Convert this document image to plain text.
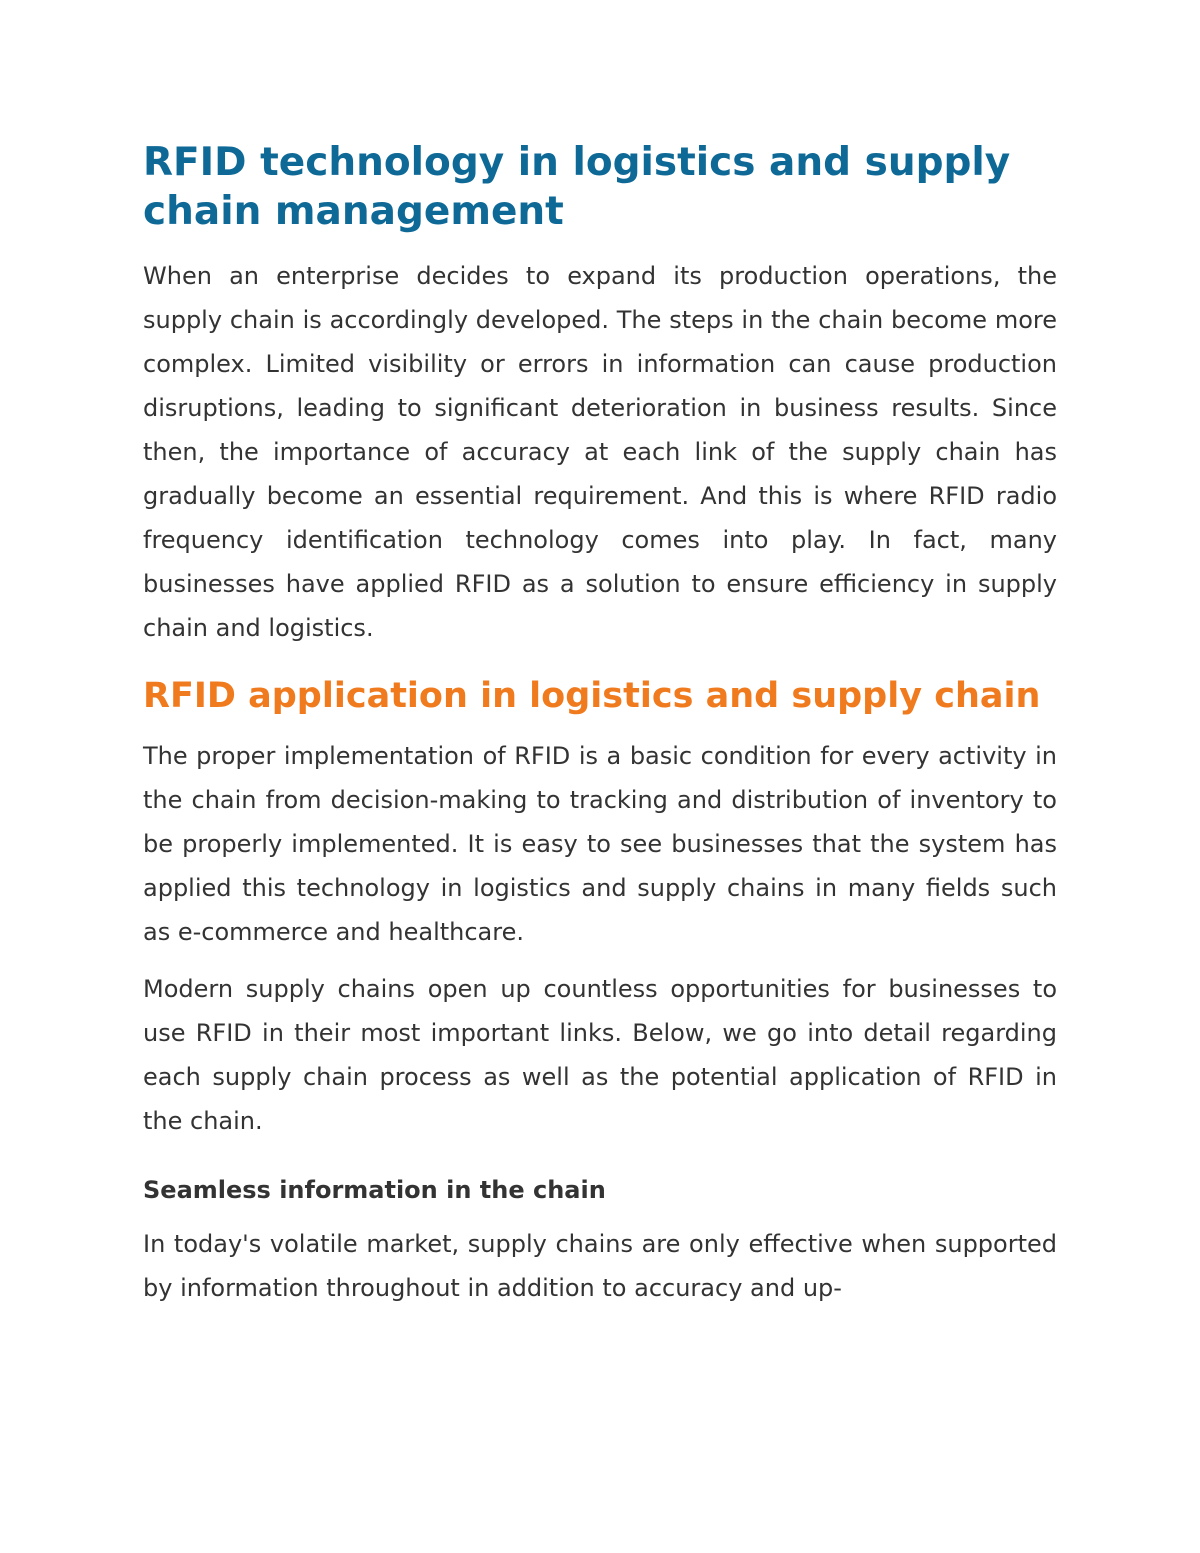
RFID technology in logistics and supply chain management

When an enterprise decides to expand its production operations, the supply chain is accordingly developed. The steps in the chain become more complex. Limited visibility or errors in information can cause production disruptions, leading to significant deterioration in business results. Since then, the importance of accuracy at each link of the supply chain has gradually become an essential requirement. And this is where RFID radio frequency identification technology comes into play. In fact, many businesses have applied RFID as a solution to ensure efficiency in supply chain and logistics.

RFID application in logistics and supply chain

The proper implementation of RFID is a basic condition for every activity in the chain from decision-making to tracking and distribution of inventory to be properly implemented. It is easy to see businesses that the system has applied this technology in logistics and supply chains in many fields such as e-commerce and healthcare.

Modern supply chains open up countless opportunities for businesses to use RFID in their most important links. Below, we go into detail regarding each supply chain process as well as the potential application of RFID in the chain.

Seamless information in the chain

In today's volatile market, supply chains are only effective when supported by information throughout in addition to accuracy and up-
